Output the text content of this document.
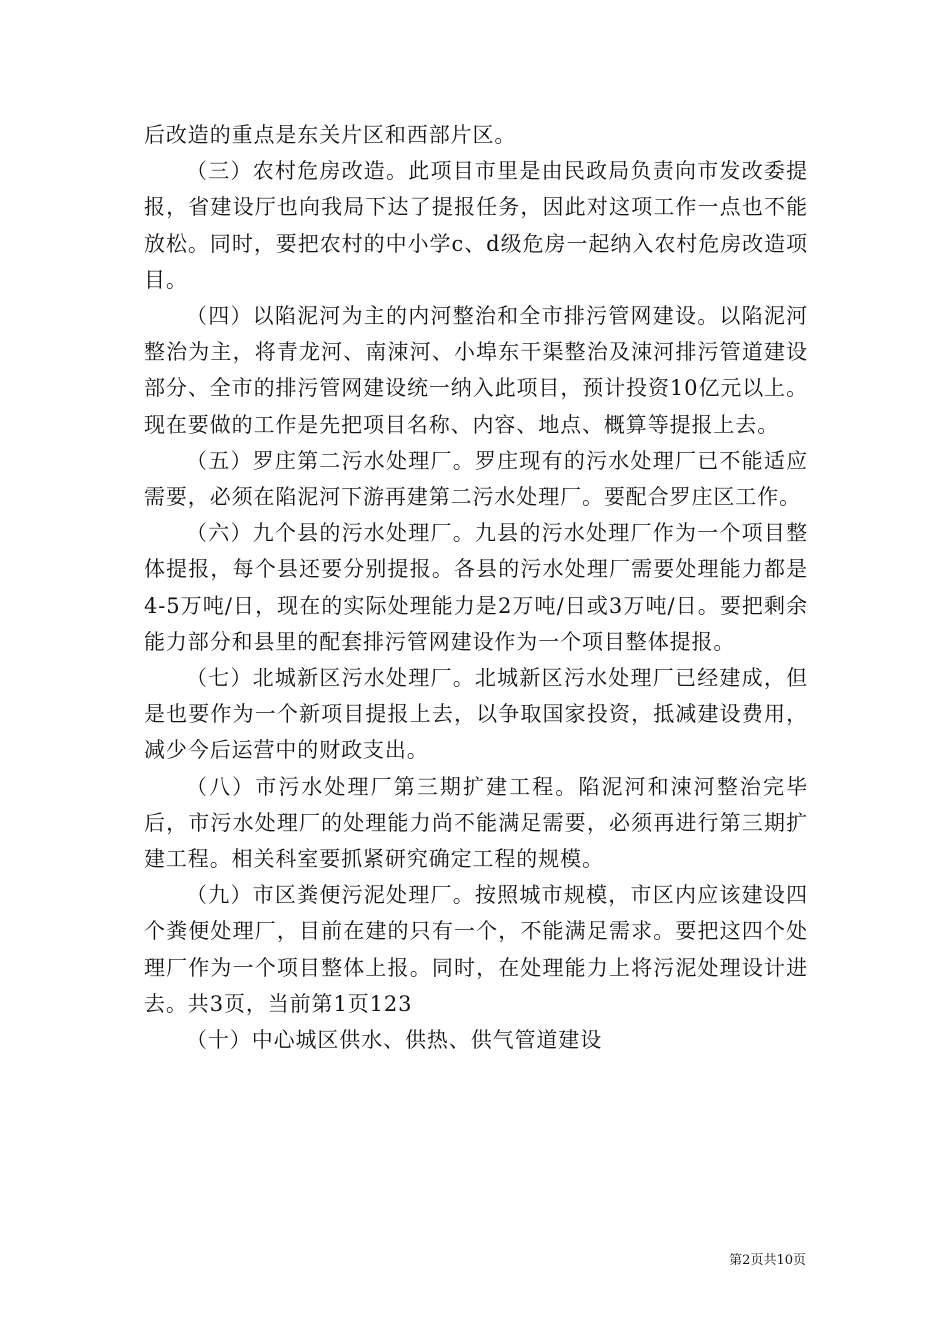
后改造的重点是东关片区和西部片区。

（三）农村危房改造。此项目市里是由民政局负责向市发改委提报，省建设厅也向我局下达了提报任务，因此对这项工作一点也不能放松。同时，要把农村的中小学c、d级危房一起纳入农村危房改造项目。

（四）以陷泥河为主的内河整治和全市排污管网建设。以陷泥河整治为主，将青龙河、南涑河、小埠东干渠整治及涑河排污管道建设部分、全市的排污管网建设统一纳入此项目，预计投资10亿元以上。现在要做的工作是先把项目名称、内容、地点、概算等提报上去。

（五）罗庄第二污水处理厂。罗庄现有的污水处理厂已不能适应需要，必须在陷泥河下游再建第二污水处理厂。要配合罗庄区工作。

（六）九个县的污水处理厂。九县的污水处理厂作为一个项目整体提报，每个县还要分别提报。各县的污水处理厂需要处理能力都是4-5万吨/日，现在的实际处理能力是2万吨/日或3万吨/日。要把剩余能力部分和县里的配套排污管网建设作为一个项目整体提报。

（七）北城新区污水处理厂。北城新区污水处理厂已经建成，但是也要作为一个新项目提报上去，以争取国家投资，抵减建设费用，减少今后运营中的财政支出。

（八）市污水处理厂第三期扩建工程。陷泥河和涑河整治完毕后，市污水处理厂的处理能力尚不能满足需要，必须再进行第三期扩建工程。相关科室要抓紧研究确定工程的规模。

（九）市区粪便污泥处理厂。按照城市规模，市区内应该建设四个粪便处理厂，目前在建的只有一个，不能满足需求。要把这四个处理厂作为一个项目整体上报。同时，在处理能力上将污泥处理设计进去。共3页，当前第1页123

（十）中心城区供水、供热、供气管道建设

第2页共10页
